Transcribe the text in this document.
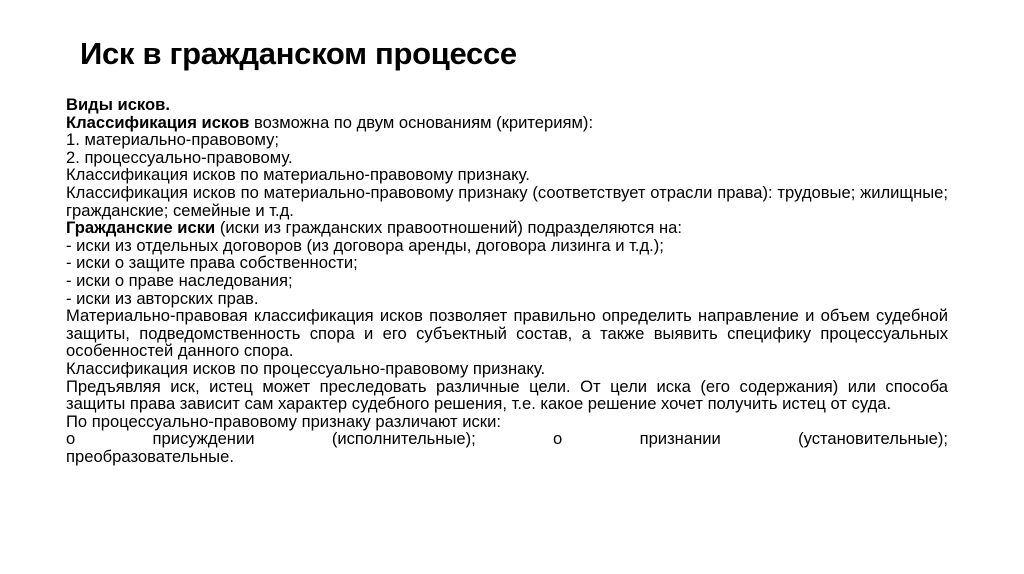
Иск в гражданском процессе

Виды исков.

Классификация исков возможна по двум основаниям (критериям):

1. материально-правовому;

2. процессуально-правовому.

Классификация исков по материально-правовому признаку.

Классификация исков по материально-правовому признаку (соответствует отрасли права): трудовые; жилищные; гражданские; семейные и т.д.

Гражданские иски (иски из гражданских правоотношений) подразделяются на:

- иски из отдельных договоров (из договора аренды, договора лизинга и т.д.);

- иски о защите права собственности;

- иски о праве наследования;

- иски из авторских прав.

Материально-правовая классификация исков позволяет правильно определить направление и объем судебной защиты, подведомственность спора и его субъектный состав, а также выявить специфику процессуальных особенностей данного спора.

Классификация исков по процессуально-правовому признаку.

Предъявляя иск, истец может преследовать различные цели. От цели иска (его содержания) или способа защиты права зависит сам характер судебного решения, т.е. какое решение хочет получить истец от суда.

По процессуально-правовому признаку различают иски:

о присуждении (исполнительные); о признании (установительные);

преобразовательные.
